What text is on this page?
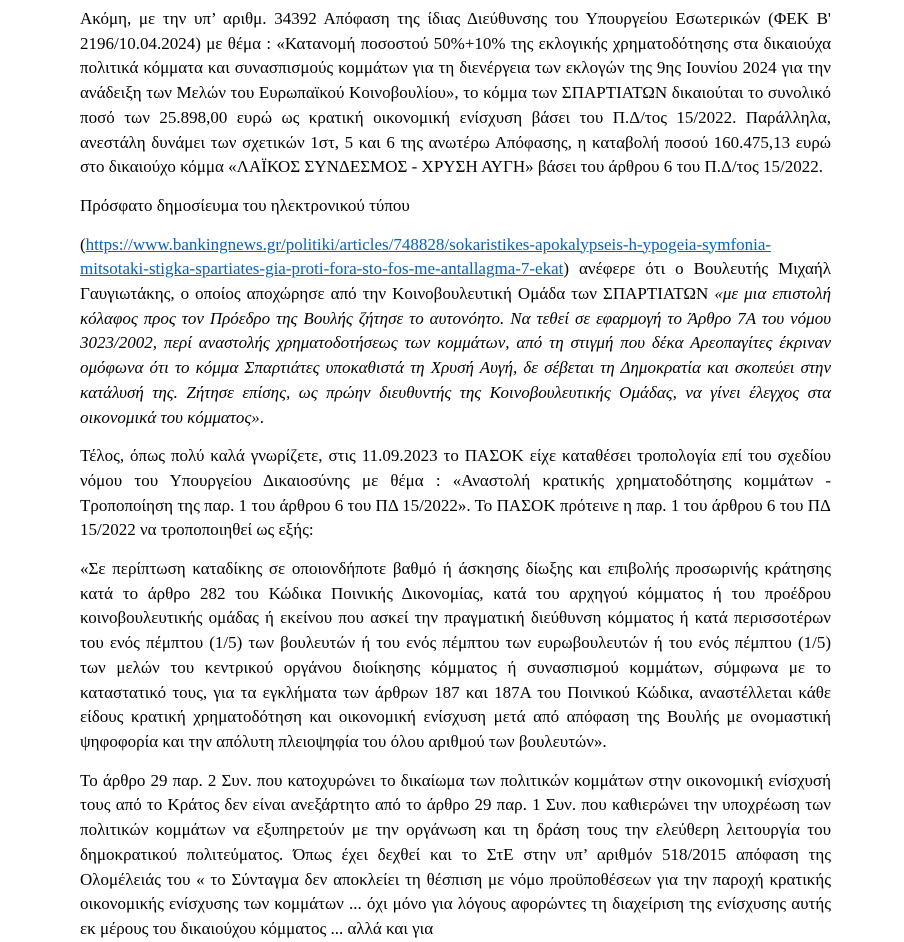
Ακόμη, με την υπ’ αριθμ. 34392 Απόφαση της ίδιας Διεύθυνσης του Υπουργείου Εσωτερικών (ΦΕΚ Β' 2196/10.04.2024) με θέμα : «Κατανομή ποσοστού 50%+10% της εκλογικής χρηματοδότησης στα δικαιούχα πολιτικά κόμματα και συνασπισμούς κομμάτων για τη διενέργεια των εκλογών της 9ης Ιουνίου 2024 για την ανάδειξη των Μελών του Ευρωπαϊκού Κοινοβουλίου», το κόμμα των ΣΠΑΡΤΙΑΤΩΝ δικαιούται το συνολικό ποσό των 25.898,00 ευρώ ως κρατική οικονομική ενίσχυση βάσει του Π.Δ/τος 15/2022. Παράλληλα, ανεστάλη δυνάμει των σχετικών 1στ, 5 και 6 της ανωτέρω Απόφασης, η καταβολή ποσού 160.475,13 ευρώ στο δικαιούχο κόμμα «ΛΑΪΚΟΣ ΣΥΝΔΕΣΜΟΣ - ΧΡΥΣΗ ΑΥΓΗ» βάσει του άρθρου 6 του Π.Δ/τος 15/2022.

Πρόσφατο δημοσίευμα του ηλεκτρονικού τύπου

(https://www.bankingnews.gr/politiki/articles/748828/sokaristikes-apokalypseis-h-ypogeia-symfonia-mitsotaki-stigka-spartiates-gia-proti-fora-sto-fos-me-antallagma-7-ekat) ανέφερε ότι ο Βουλευτής Μιχαήλ Γαυγιωτάκης, ο οποίος αποχώρησε από την Κοινοβουλευτική Ομάδα των ΣΠΑΡΤΙΑΤΩΝ «με μια επιστολή κόλαφος προς τον Πρόεδρο της Βουλής ζήτησε το αυτονόητο. Να τεθεί σε εφαρμογή το Άρθρο 7Α του νόμου 3023/2002, περί αναστολής χρηματοδοτήσεως των κομμάτων, από τη στιγμή που δέκα Αρεοπαγίτες έκριναν ομόφωνα ότι το κόμμα Σπαρτιάτες υποκαθιστά τη Χρυσή Αυγή, δε σέβεται τη Δημοκρατία και σκοπεύει στην κατάλυσή της. Ζήτησε επίσης, ως πρώην διευθυντής της Κοινοβουλευτικής Ομάδας, να γίνει έλεγχος στα οικονομικά του κόμματος».

Τέλος, όπως πολύ καλά γνωρίζετε, στις 11.09.2023 το ΠΑΣΟΚ είχε καταθέσει τροπολογία επί του σχεδίου νόμου του Υπουργείου Δικαιοσύνης με θέμα : «Αναστολή κρατικής χρηματοδότησης κομμάτων - Τροποποίηση της παρ. 1 του άρθρου 6 του ΠΔ 15/2022». Το ΠΑΣΟΚ πρότεινε η παρ. 1 του άρθρου 6 του ΠΔ 15/2022 να τροποποιηθεί ως εξής:

«Σε περίπτωση καταδίκης σε οποιονδήποτε βαθμό ή άσκησης δίωξης και επιβολής προσωρινής κράτησης κατά το άρθρο 282 του Κώδικα Ποινικής Δικονομίας, κατά του αρχηγού κόμματος ή του προέδρου κοινοβουλευτικής ομάδας ή εκείνου που ασκεί την πραγματική διεύθυνση κόμματος ή κατά περισσοτέρων του ενός πέμπτου (1/5) των βουλευτών ή του ενός πέμπτου των ευρωβουλευτών ή του ενός πέμπτου (1/5) των μελών του κεντρικού οργάνου διοίκησης κόμματος ή συνασπισμού κομμάτων, σύμφωνα με το καταστατικό τους, για τα εγκλήματα των άρθρων 187 και 187Α του Ποινικού Κώδικα, αναστέλλεται κάθε είδους κρατική χρηματοδότηση και οικονομική ενίσχυση μετά από απόφαση της Βουλής με ονομαστική ψηφοφορία και την απόλυτη πλειοψηφία του όλου αριθμού των βουλευτών».

Το άρθρο 29 παρ. 2 Συν. που κατοχυρώνει το δικαίωμα των πολιτικών κομμάτων στην οικονομική ενίσχυσή τους από το Κράτος δεν είναι ανεξάρτητο από το άρθρο 29 παρ. 1 Συν. που καθιερώνει την υποχρέωση των πολιτικών κομμάτων να εξυπηρετούν με την οργάνωση και τη δράση τους την ελεύθερη λειτουργία του δημοκρατικού πολιτεύματος. Όπως έχει δεχθεί και το ΣτΕ στην υπ’ αριθμόν 518/2015 απόφαση της Ολομέλειάς του « το Σύνταγμα δεν αποκλείει τη θέσπιση με νόμο προϋποθέσεων για την παροχή κρατικής οικονομικής ενίσχυσης των κομμάτων ... όχι μόνο για λόγους αφορώντες τη διαχείριση της ενίσχυσης αυτής εκ μέρους του δικαιούχου κόμματος ... αλλά και για
